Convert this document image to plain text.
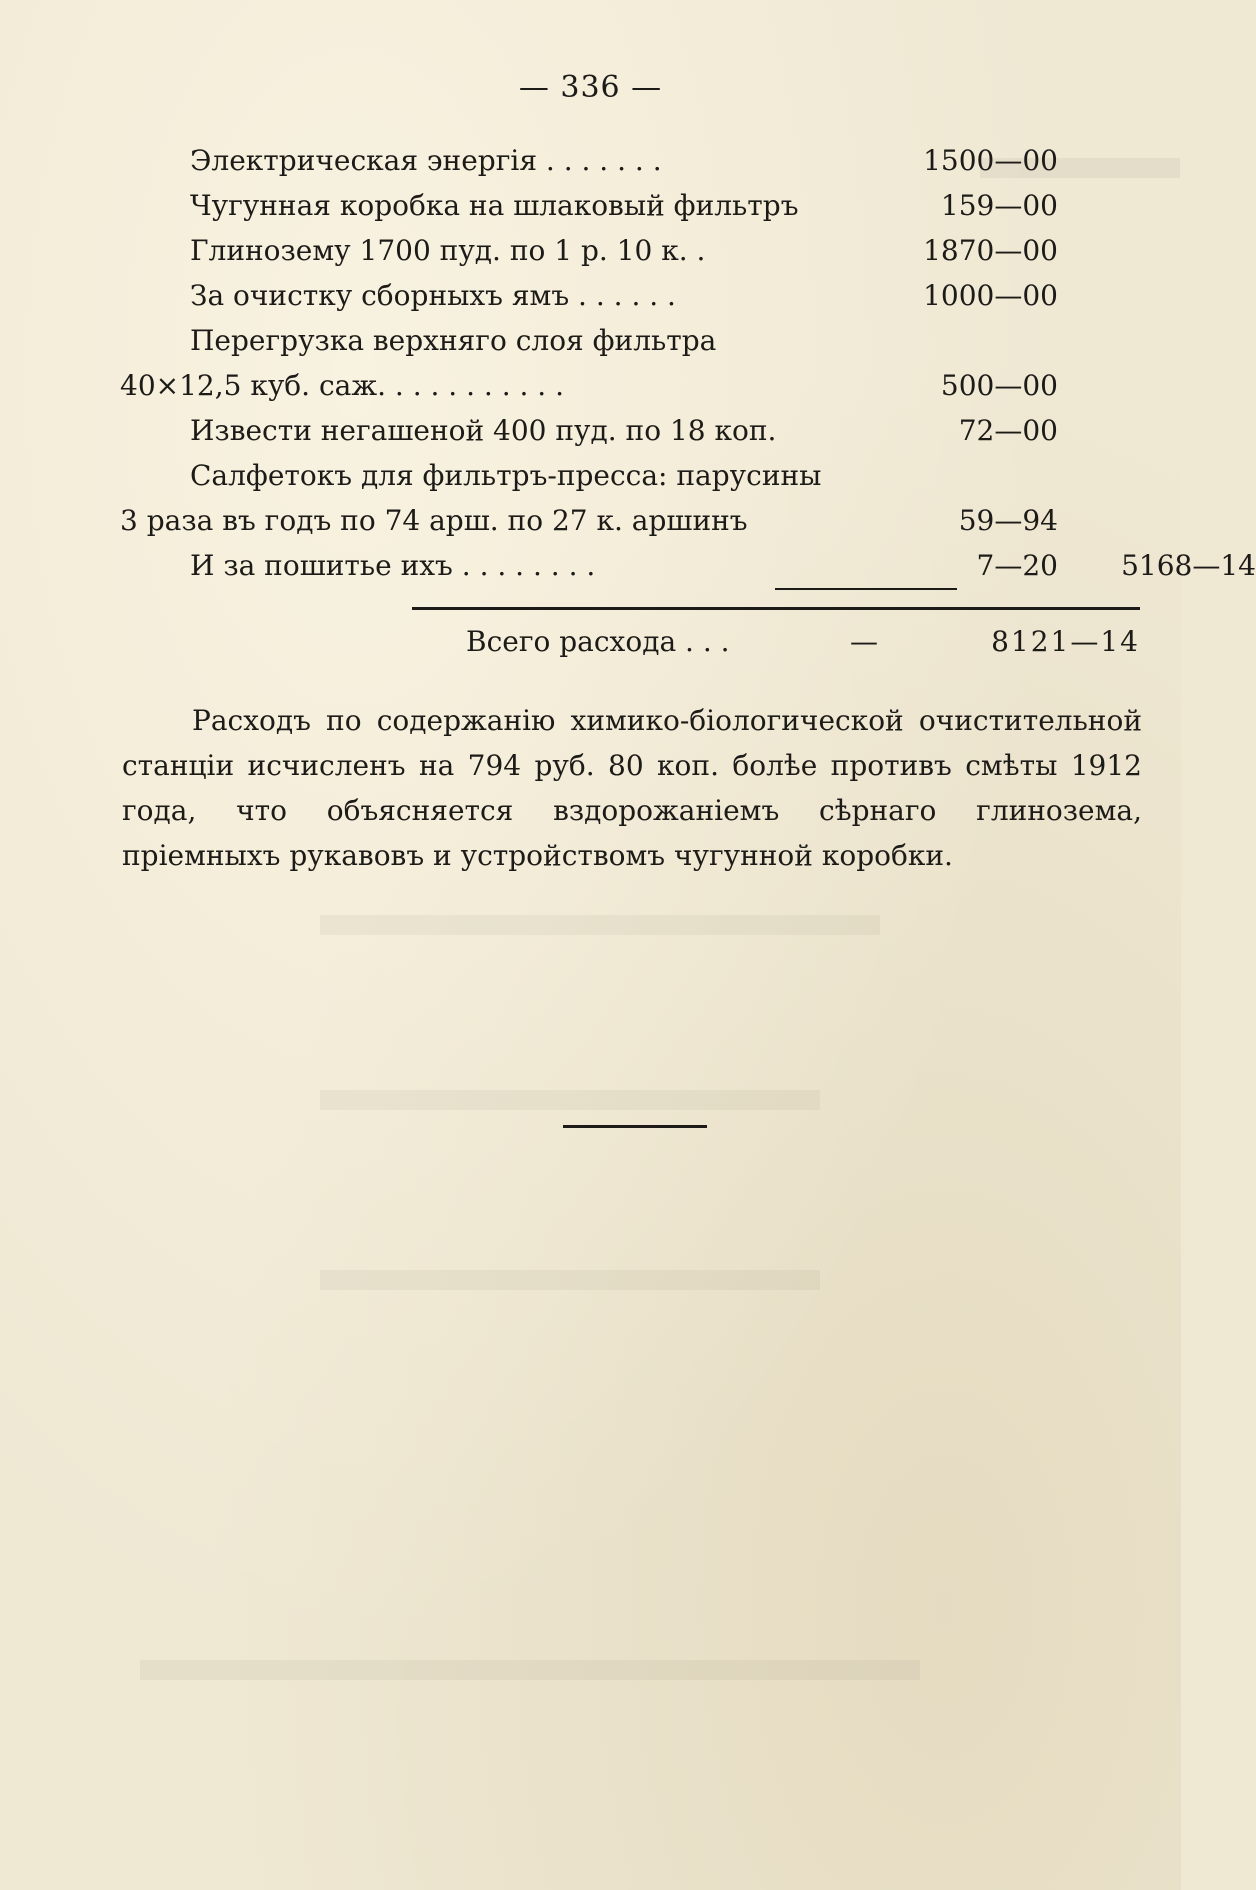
— 336 —
Электрическая энергія . . . . . . .	1500—00
Чугунная коробка на шлаковый фильтръ	159—00
Глинозему 1700 пуд. по 1 р. 10 к. .	1870—00
За очистку сборныхъ ямъ . . . . . .	1000—00
Перегрузка верхняго слоя фильтра
40×12,5 куб. саж. . . . . . . . . . .	500—00
Извести негашеной 400 пуд. по 18 коп.	72—00
Салфетокъ для фильтръ-пресса: парусины
3 раза въ годъ по 74 арш. по 27 к. аршинъ	59—94
И за пошитье ихъ . . . . . . . .	7—20	5168—14
Всего расхода . . .	—	8121—14
Расходъ по содержанію химико-біологической очистительной станціи исчисленъ на 794 руб. 80 коп. болѣе противъ смѣты 1912 года, что объясняется вздорожаніемъ сѣрнаго глинозема, пріемныхъ рукавовъ и устройствомъ чугунной коробки.
